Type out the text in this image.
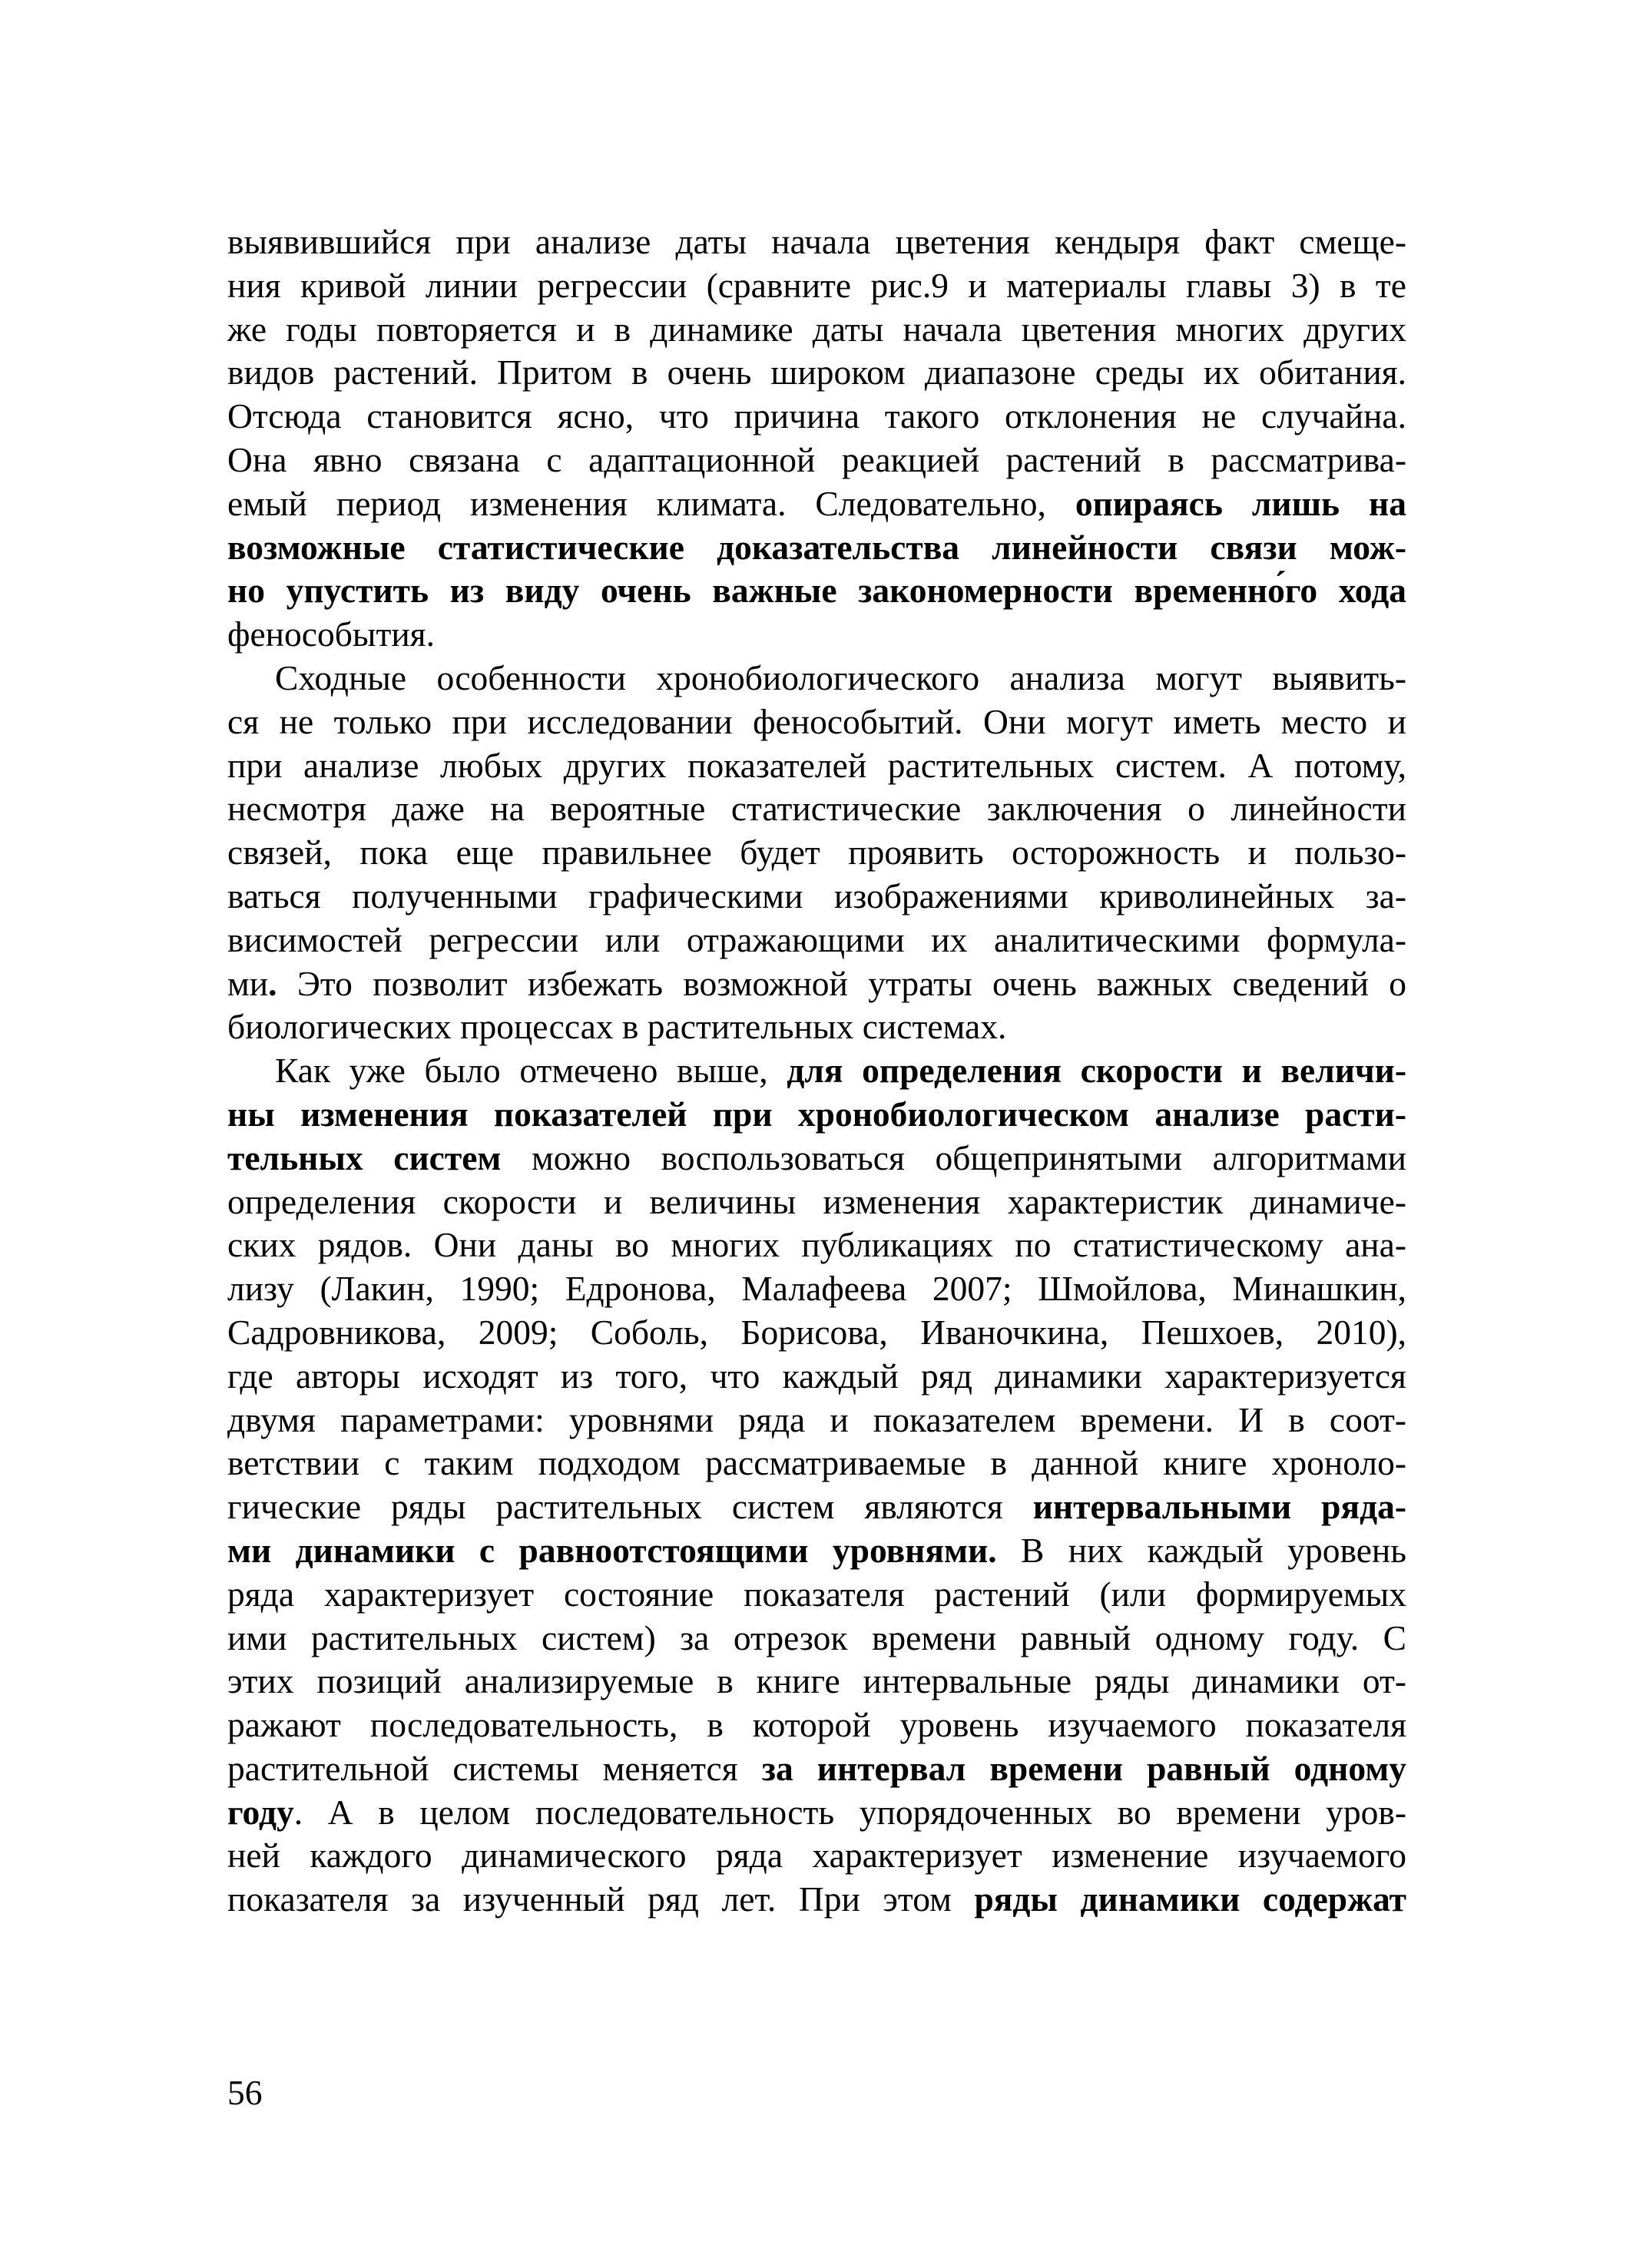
выявившийся при анализе даты начала цветения кендыря факт смеще-
ния кривой линии регрессии (сравните рис.9 и материалы главы 3) в те
же годы повторяется и в динамике даты начала цветения многих других
видов растений. Притом в очень широком диапазоне среды их обитания.
Отсюда становится ясно, что причина такого отклонения не случайна.
Она явно связана с адаптационной реакцией растений в рассматрива-
емый период изменения климата. Следовательно, опираясь лишь на
возможные статистические доказательства линейности связи мож-
но упустить из виду очень важные закономерности временно́го хода
феноcобытия.
Сходные особенности хронобиологического анализа могут выявить-
ся не только при исследовании феноcобытий. Они могут иметь место и
при анализе любых других показателей растительных систем. А потому,
несмотря даже на вероятные статистические заключения о линейности
связей, пока еще правильнее будет проявить осторожность и пользо-
ваться полученными графическими изображениями криволинейных за-
висимостей регрессии или отражающими их аналитическими формула-
ми. Это позволит избежать возможной утраты очень важных сведений о
биологических процессах в растительных системах.
Как уже было отмечено выше, для определения скорости и величи-
ны изменения показателей при хронобиологическом анализе расти-
тельных систем можно воспользоваться общепринятыми алгоритмами
определения скорости и величины изменения характеристик динамиче-
ских рядов. Они даны во многих публикациях по статистическому ана-
лизу (Лакин, 1990; Едронова, Малафеева 2007; Шмойлова, Минашкин,
Садровникова, 2009; Соболь, Борисова, Иваночкина, Пешхоев, 2010),
где авторы исходят из того, что каждый ряд динамики характеризуется
двумя параметрами: уровнями ряда и показателем времени. И в соот-
ветствии с таким подходом рассматриваемые в данной книге хроноло-
гические ряды растительных систем являются интервальными ряда-
ми динамики с равноотстоящими уровнями. В них каждый уровень
ряда характеризует состояние показателя растений (или формируемых
ими растительных систем) за отрезок времени равный одному году. С
этих позиций анализируемые в книге интервальные ряды динамики от-
ражают последовательность, в которой уровень изучаемого показателя
растительной системы меняется за интервал времени равный одному
году. А в целом последовательность упорядоченных во времени уров-
ней каждого динамического ряда характеризует изменение изучаемого
показателя за изученный ряд лет. При этом ряды динамики содержат
56
